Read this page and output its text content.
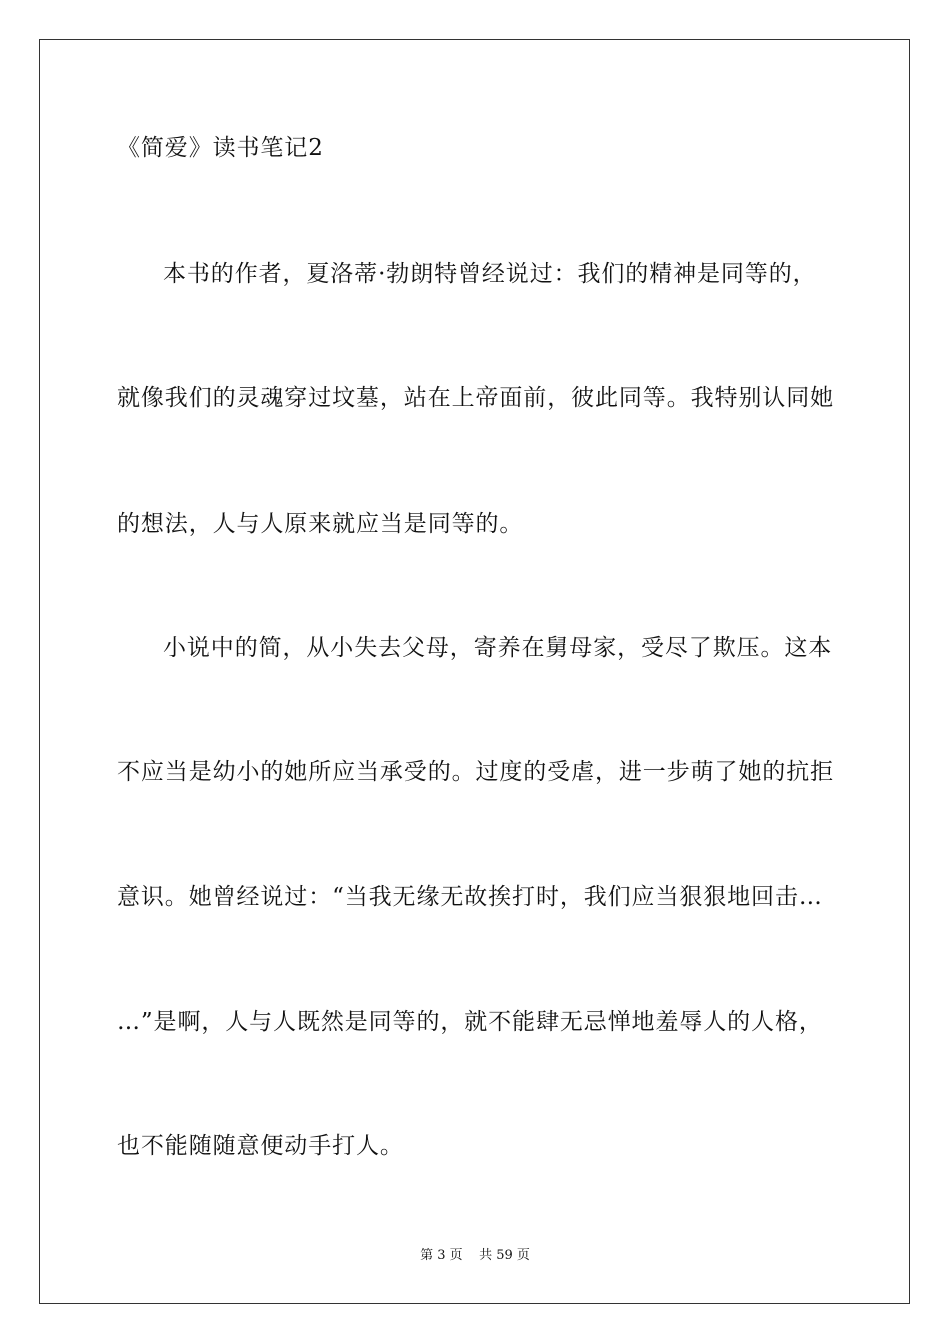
《简爱》读书笔记2
本书的作者，夏洛蒂·勃朗特曾经说过：我们的精神是同等的，
就像我们的灵魂穿过坟墓，站在上帝面前，彼此同等。我特别认同她
的想法，人与人原来就应当是同等的。
小说中的简，从小失去父母，寄养在舅母家，受尽了欺压。这本
不应当是幼小的她所应当承受的。过度的受虐，进一步萌了她的抗拒
意识。她曾经说过：“当我无缘无故挨打时，我们应当狠狠地回击…
…”是啊，人与人既然是同等的，就不能肆无忌惮地羞辱人的人格，
也不能随随意便动手打人。
第 3 页    共 59 页
